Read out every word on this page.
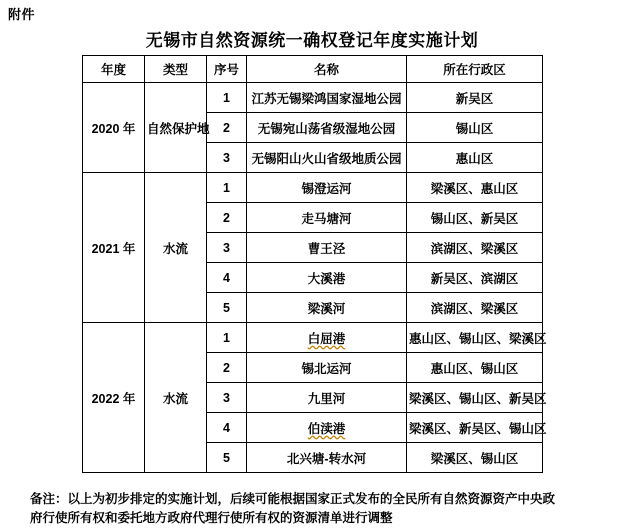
附件
无锡市自然资源统一确权登记年度实施计划
年度	类型	序号	名称	所在行政区
2020 年	自然保护地	1	江苏无锡梁鸿国家湿地公园	新吴区
		2	无锡宛山荡省级湿地公园	锡山区
		3	无锡阳山火山省级地质公园	惠山区
2021 年	水流	1	锡澄运河	梁溪区、惠山区
		2	走马塘河	锡山区、新吴区
		3	曹王泾	滨湖区、梁溪区
		4	大溪港	新吴区、滨湖区
		5	梁溪河	滨湖区、梁溪区
2022 年	水流	1	白屈港	惠山区、锡山区、梁溪区
		2	锡北运河	惠山区、锡山区
		3	九里河	梁溪区、锡山区、新吴区
		4	伯渎港	梁溪区、新吴区、锡山区
		5	北兴塘-转水河	梁溪区、锡山区
备注：以上为初步排定的实施计划，后续可能根据国家正式发布的全民所有自然资源资产中央政
府行使所有权和委托地方政府代理行使所有权的资源清单进行调整
